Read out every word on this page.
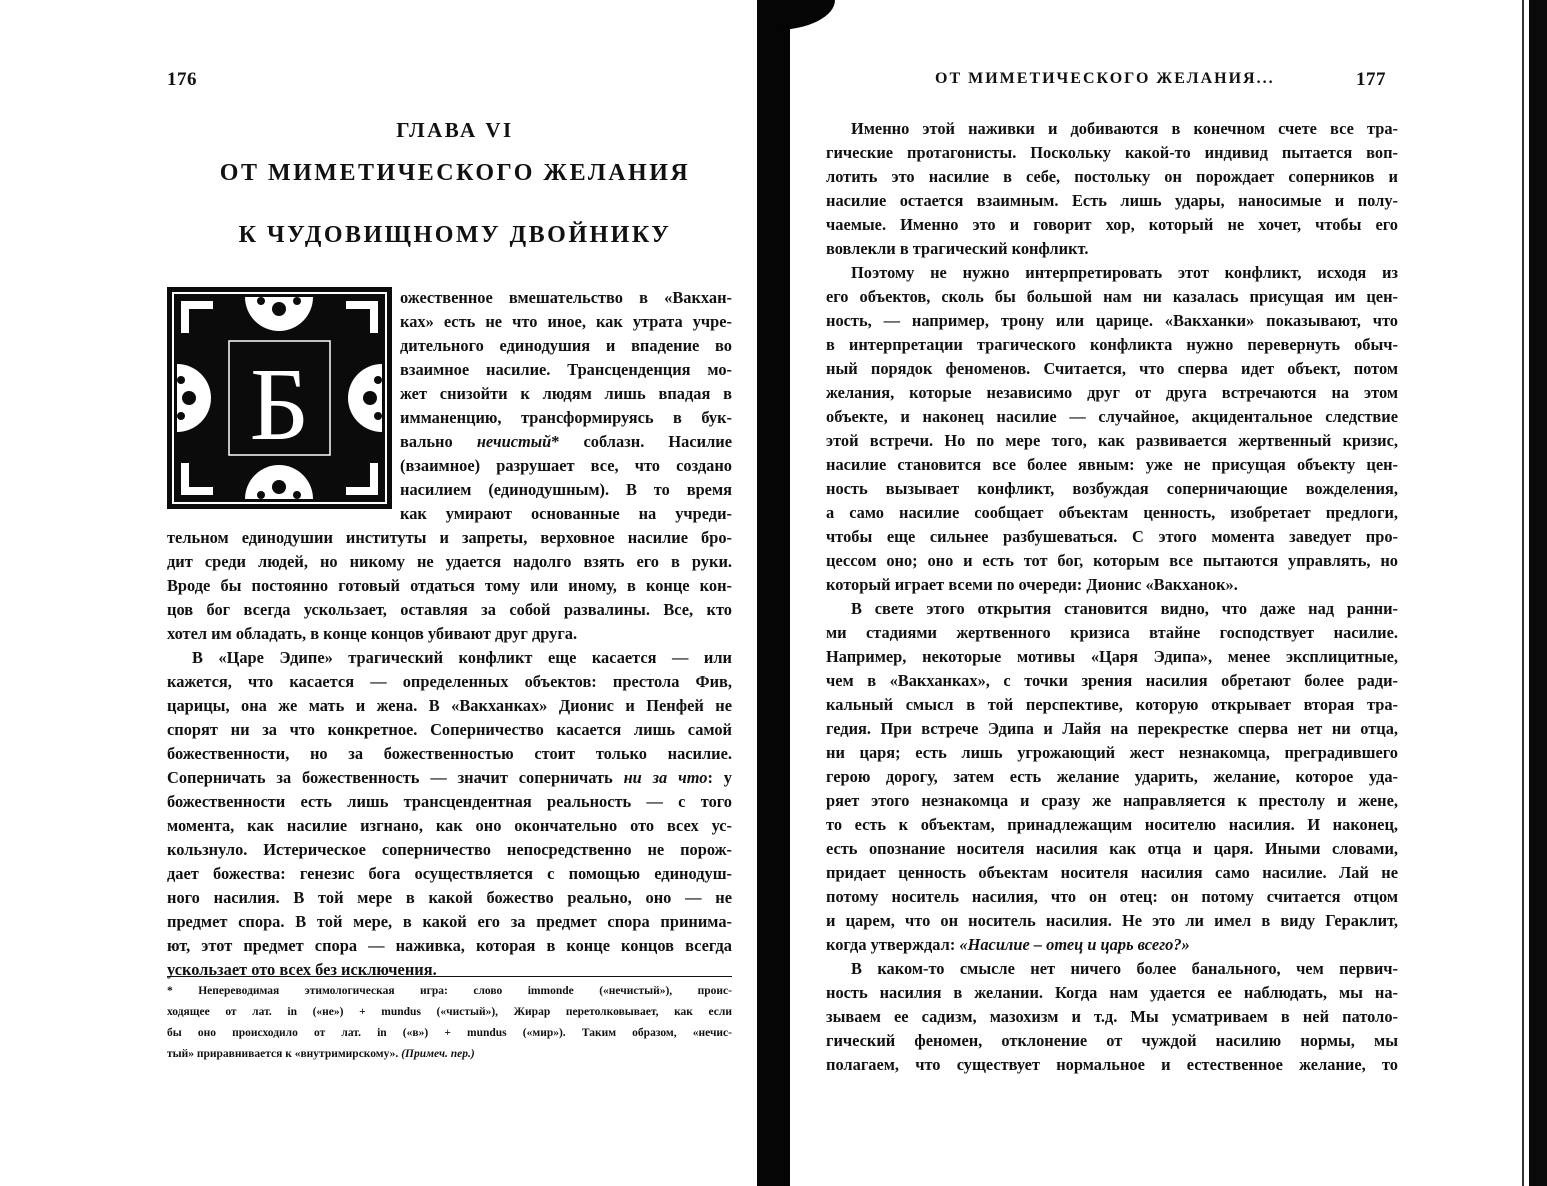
176
ГЛАВА VI
ОТ МИМЕТИЧЕСКОГО ЖЕЛАНИЯ
К ЧУДОВИЩНОМУ ДВОЙНИКУ
Б
ожественное вмешательство в «Вакхан-
ках» есть не что иное, как утрата учре-
дительного единодушия и впадение во
взаимное насилие. Трансценденция мо-
жет снизойти к людям лишь впадая в
имманенцию, трансформируясь в бук-
вально нечистый* соблазн. Насилие
(взаимное) разрушает все, что создано
насилием (единодушным). В то время
как умирают основанные на учреди-
тельном единодушии институты и запреты, верховное насилие бро-
дит среди людей, но никому не удается надолго взять его в руки.
Вроде бы постоянно готовый отдаться тому или иному, в конце кон-
цов бог всегда ускользает, оставляя за собой развалины. Все, кто
хотел им обладать, в конце концов убивают друг друга.
В «Царе Эдипе» трагический конфликт еще касается — или
кажется, что касается — определенных объектов: престола Фив,
царицы, она же мать и жена. В «Вакханках» Дионис и Пенфей не
спорят ни за что конкретное. Соперничество касается лишь самой
божественности, но за божественностью стоит только насилие.
Соперничать за божественность — значит соперничать ни за что: у
божественности есть лишь трансцендентная реальность — с того
момента, как насилие изгнано, как оно окончательно ото всех ус-
кользнуло. Истерическое соперничество непосредственно не порож-
дает божества: генезис бога осуществляется с помощью единодуш-
ного насилия. В той мере в какой божество реально, оно — не
предмет спора. В той мере, в какой его за предмет спора принима-
ют, этот предмет спора — наживка, которая в конце концов всегда
ускользает ото всех без исключения.
* Непереводимая этимологическая игра: слово immonde («нечистый»), проис-
ходящее от лат. in («не») + mundus («чистый»), Жирар перетолковывает, как если
бы оно происходило от лат. in («в») + mundus («мир»). Таким образом, «нечис-
тый» приравнивается к «внутримирскому». (Примеч. пер.)
ОТ МИМЕТИЧЕСКОГО ЖЕЛАНИЯ...	177
Именно этой наживки и добиваются в конечном счете все тра-
гические протагонисты. Поскольку какой-то индивид пытается воп-
лотить это насилие в себе, постольку он порождает соперников и
насилие остается взаимным. Есть лишь удары, наносимые и полу-
чаемые. Именно это и говорит хор, который не хочет, чтобы его
вовлекли в трагический конфликт.
Поэтому не нужно интерпретировать этот конфликт, исходя из
его объектов, сколь бы большой нам ни казалась присущая им цен-
ность, — например, трону или царице. «Вакханки» показывают, что
в интерпретации трагического конфликта нужно перевернуть обыч-
ный порядок феноменов. Считается, что сперва идет объект, потом
желания, которые независимо друг от друга встречаются на этом
объекте, и наконец насилие — случайное, акцидентальное следствие
этой встречи. Но по мере того, как развивается жертвенный кризис,
насилие становится все более явным: уже не присущая объекту цен-
ность вызывает конфликт, возбуждая соперничающие вожделения,
а само насилие сообщает объектам ценность, изобретает предлоги,
чтобы еще сильнее разбушеваться. С этого момента заведует про-
цессом оно; оно и есть тот бог, которым все пытаются управлять, но
который играет всеми по очереди: Дионис «Вакханок».
В свете этого открытия становится видно, что даже над ранни-
ми стадиями жертвенного кризиса втайне господствует насилие.
Например, некоторые мотивы «Царя Эдипа», менее эксплицитные,
чем в «Вакханках», с точки зрения насилия обретают более ради-
кальный смысл в той перспективе, которую открывает вторая тра-
гедия. При встрече Эдипа и Лайя на перекрестке сперва нет ни отца,
ни царя; есть лишь угрожающий жест незнакомца, преградившего
герою дорогу, затем есть желание ударить, желание, которое уда-
ряет этого незнакомца и сразу же направляется к престолу и жене,
то есть к объектам, принадлежащим носителю насилия. И наконец,
есть опознание носителя насилия как отца и царя. Иными словами,
придает ценность объектам носителя насилия само насилие. Лай не
потому носитель насилия, что он отец: он потому считается отцом
и царем, что он носитель насилия. Не это ли имел в виду Гераклит,
когда утверждал: «Насилие – отец и царь всего?»
В каком-то смысле нет ничего более банального, чем первич-
ность насилия в желании. Когда нам удается ее наблюдать, мы на-
зываем ее садизм, мазохизм и т.д. Мы усматриваем в ней патоло-
гический феномен, отклонение от чуждой насилию нормы, мы
полагаем, что существует нормальное и естественное желание, то
